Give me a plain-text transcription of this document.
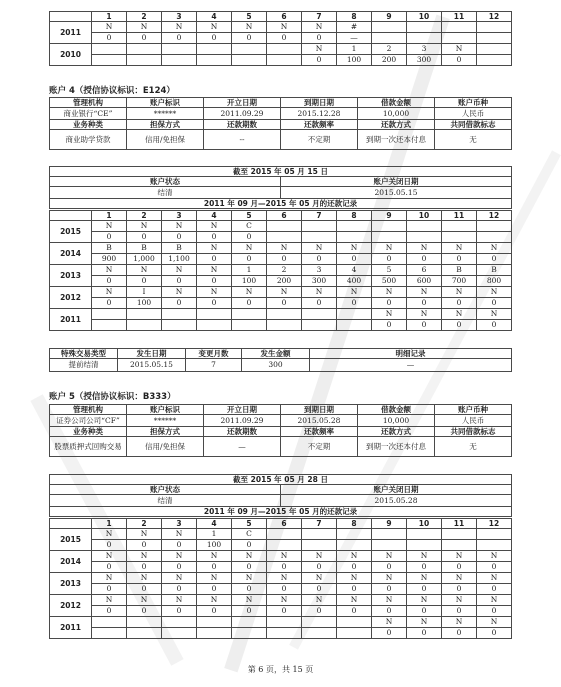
	1	2	3	4	5	6	7	8	9	10	11	12
2011	N	N	N	N	N	N	N	#				
	0	0	0	0	0	0	0	—				
2010							N	1	2	3	N	
							0	100	200	300	0	
账户 4（授信协议标识：E124）
管理机构	账户标识	开立日期	到期日期	借款金额	账户币种
商业银行“CE”	******	2011.09.29	2015.12.28	10,000	人民币
业务种类	担保方式	还款期数	还款频率	还款方式	共同借款标志
商业助学贷款	信用/免担保	--	不定期	到期一次还本付息	无
截至 2015 年 05 月 15 日	
账户状态	账户关闭日期
结清	2015.05.15
2011 年 09 月—2015 年 05 月的还款记录	
	1	2	3	4	5	6	7	8	9	10	11	12
2015	N	N	N	N	C							
	0	0	0	0	0							
2014	B	B	B	N	N	N	N	N	N	N	N	N
	900	1,000	1,100	0	0	0	0	0	0	0	0	0
2013	N	N	N	N	1	2	3	4	5	6	B	B
	0	0	0	0	100	200	300	400	500	600	700	800
2012	N	I	N	N	N	N	N	N	N	N	N	N
	0	100	0	0	0	0	0	0	0	0	0	0
2011									N	N	N	N
									0	0	0	0
特殊交易类型	发生日期	变更月数	发生金额	明细记录
提前结清	2015.05.15	7	300	—
账户 5（授信协议标识：B333）
管理机构	账户标识	开立日期	到期日期	借款金额	账户币种
证券公司公司“CF”	******	2011.09.29	2015.05.28	10,000	人民币
业务种类	担保方式	还款期数	还款频率	还款方式	共同借款标志
股票质押式回购交易	信用/免担保	—	不定期	到期一次还本付息	无
截至 2015 年 05 月 28 日	
账户状态	账户关闭日期
结清	2015.05.28
2011 年 09 月—2015 年 05 月的还款记录	
	1	2	3	4	5	6	7	8	9	10	11	12
2015	N	N	N	1	C							
	0	0	0	100	0							
2014	N	N	N	N	N	N	N	N	N	N	N	N
	0	0	0	0	0	0	0	0	0	0	0	0
2013	N	N	N	N	N	N	N	N	N	N	N	N
	0	0	0	0	0	0	0	0	0	0	0	0
2012	N	N	N	N	N	N	N	N	N	N	N	N
	0	0	0	0	0	0	0	0	0	0	0	0
2011									N	N	N	N
									0	0	0	0
第 6 页，共 15 页
